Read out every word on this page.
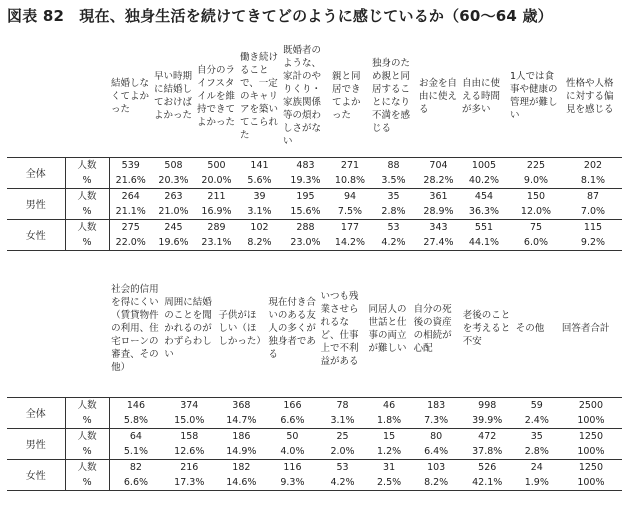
図表 82　現在、独身生活を続けてきてどのように感じているか（60〜64 歳）

		結婚しなくてよかった	早い時期に結婚しておけばよかった	自分のライフスタイルを維持できてよかった	働き続けることで、一定のキャリアを築いてこられた	既婚者のような、家計のやりくり・家族関係等の煩わしさがない	親と同居できてよかった	独身のため親と同居することになり不満を感じる	お金を自由に使える	自由に使える時間が多い	1人では食事や健康の管理が難しい	性格や人格に対する偏見を感じる

全体	人数	539	508	500	141	483	271	88	704	1005	225	202
	%	21.6%	20.3%	20.0%	5.6%	19.3%	10.8%	3.5%	28.2%	40.2%	9.0%	8.1%
男性	人数	264	263	211	39	195	94	35	361	454	150	87
	%	21.1%	21.0%	16.9%	3.1%	15.6%	7.5%	2.8%	28.9%	36.3%	12.0%	7.0%
女性	人数	275	245	289	102	288	177	53	343	551	75	115
	%	22.0%	19.6%	23.1%	8.2%	23.0%	14.2%	4.2%	27.4%	44.1%	6.0%	9.2%

		社会的信用を得にくい（賃貸物件の利用、住宅ローンの審査、その他）	周囲に結婚のことを聞かれるのがわずらわしい	子供がほしい（ほしかった）	現在付き合いのある友人の多くが独身者である	いつも残業させられるなど、仕事上で不利益がある	同居人の世話と仕事の両立が難しい	自分の死後の資産の相続が心配	老後のことを考えると不安	その他	回答者合計

全体	人数	146	374	368	166	78	46	183	998	59	2500
	%	5.8%	15.0%	14.7%	6.6%	3.1%	1.8%	7.3%	39.9%	2.4%	100%
男性	人数	64	158	186	50	25	15	80	472	35	1250
	%	5.1%	12.6%	14.9%	4.0%	2.0%	1.2%	6.4%	37.8%	2.8%	100%
女性	人数	82	216	182	116	53	31	103	526	24	1250
	%	6.6%	17.3%	14.6%	9.3%	4.2%	2.5%	8.2%	42.1%	1.9%	100%
